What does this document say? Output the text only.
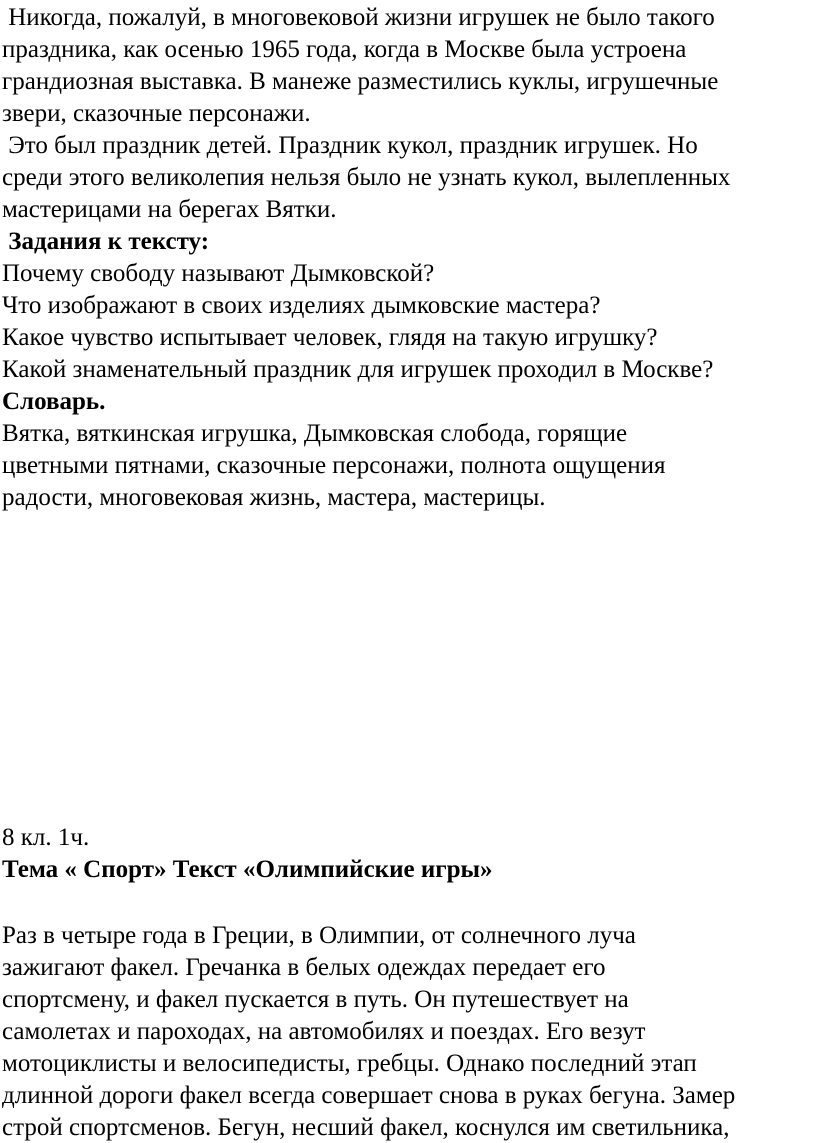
Никогда, пожалуй, в многовековой жизни игрушек не было такого
праздника, как осенью 1965 года, когда в Москве была устроена
грандиозная выставка. В манеже разместились куклы, игрушечные
звери, сказочные персонажи.
Это был праздник детей. Праздник кукол, праздник игрушек. Но
среди этого великолепия нельзя было не узнать кукол, вылепленных
мастерицами на берегах Вятки.
Задания к тексту:
Почему свободу называют Дымковской?
Что изображают в своих изделиях дымковские мастера?
Какое чувство испытывает человек, глядя на такую игрушку?
Какой знаменательный праздник для игрушек проходил в Москве?
Словарь.
Вятка, вяткинская игрушка, Дымковская слобода, горящие
цветными пятнами, сказочные персонажи, полнота ощущения
радости, многовековая жизнь, мастера, мастерицы.
8 кл. 1ч.
Тема « Спорт» Текст «Олимпийские игры»
Раз в четыре года в Греции, в Олимпии, от солнечного луча
зажигают факел. Гречанка в белых одеждах передает его
спортсмену, и факел пускается в путь. Он путешествует на
самолетах и пароходах, на автомобилях и поездах. Его везут
мотоциклисты и велосипедисты, гребцы. Однако последний этап
длинной дороги факел всегда совершает снова в руках бегуна. Замер
строй спортсменов. Бегун, несший факел, коснулся им светильника,
